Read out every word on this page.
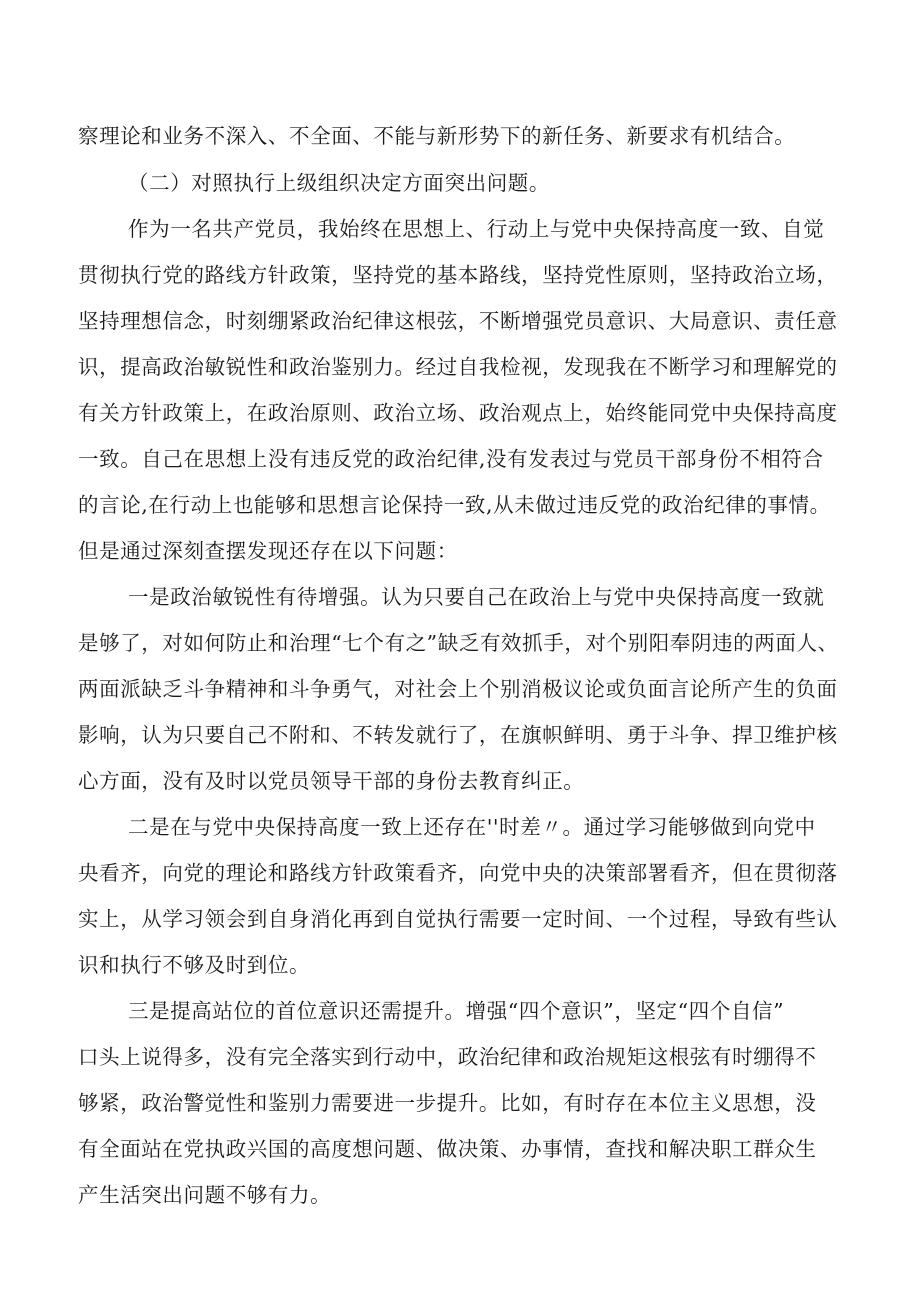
察理论和业务不深入、不全面、不能与新形势下的新任务、新要求有机结合。

（二）对照执行上级组织决定方面突出问题。

作为一名共产党员，我始终在思想上、行动上与党中央保持高度一致、自觉

贯彻执行党的路线方针政策，坚持党的基本路线，坚持党性原则，坚持政治立场，

坚持理想信念，时刻绷紧政治纪律这根弦，不断增强党员意识、大局意识、责任意

识，提高政治敏锐性和政治鉴别力。经过自我检视，发现我在不断学习和理解党的

有关方针政策上，在政治原则、政治立场、政治观点上，始终能同党中央保持高度

一致。自己在思想上没有违反党的政治纪律,没有发表过与党员干部身份不相符合

的言论,在行动上也能够和思想言论保持一致,从未做过违反党的政治纪律的事情。

但是通过深刻查摆发现还存在以下问题：

一是政治敏锐性有待增强。认为只要自己在政治上与党中央保持高度一致就

是够了，对如何防止和治理“七个有之”缺乏有效抓手，对个别阳奉阴违的两面人、

两面派缺乏斗争精神和斗争勇气，对社会上个别消极议论或负面言论所产生的负面

影响，认为只要自己不附和、不转发就行了，在旗帜鲜明、勇于斗争、捍卫维护核

心方面，没有及时以党员领导干部的身份去教育纠正。

二是在与党中央保持高度一致上还存在''时差〃。通过学习能够做到向党中

央看齐，向党的理论和路线方针政策看齐，向党中央的决策部署看齐，但在贯彻落

实上，从学习领会到自身消化再到自觉执行需要一定时间、一个过程，导致有些认

识和执行不够及时到位。

三是提高站位的首位意识还需提升。增强“四个意识”，坚定“四个自信”

口头上说得多，没有完全落实到行动中，政治纪律和政治规矩这根弦有时绷得不

够紧，政治警觉性和鉴别力需要进一步提升。比如，有时存在本位主义思想，没

有全面站在党执政兴国的高度想问题、做决策、办事情，查找和解决职工群众生

产生活突出问题不够有力。
